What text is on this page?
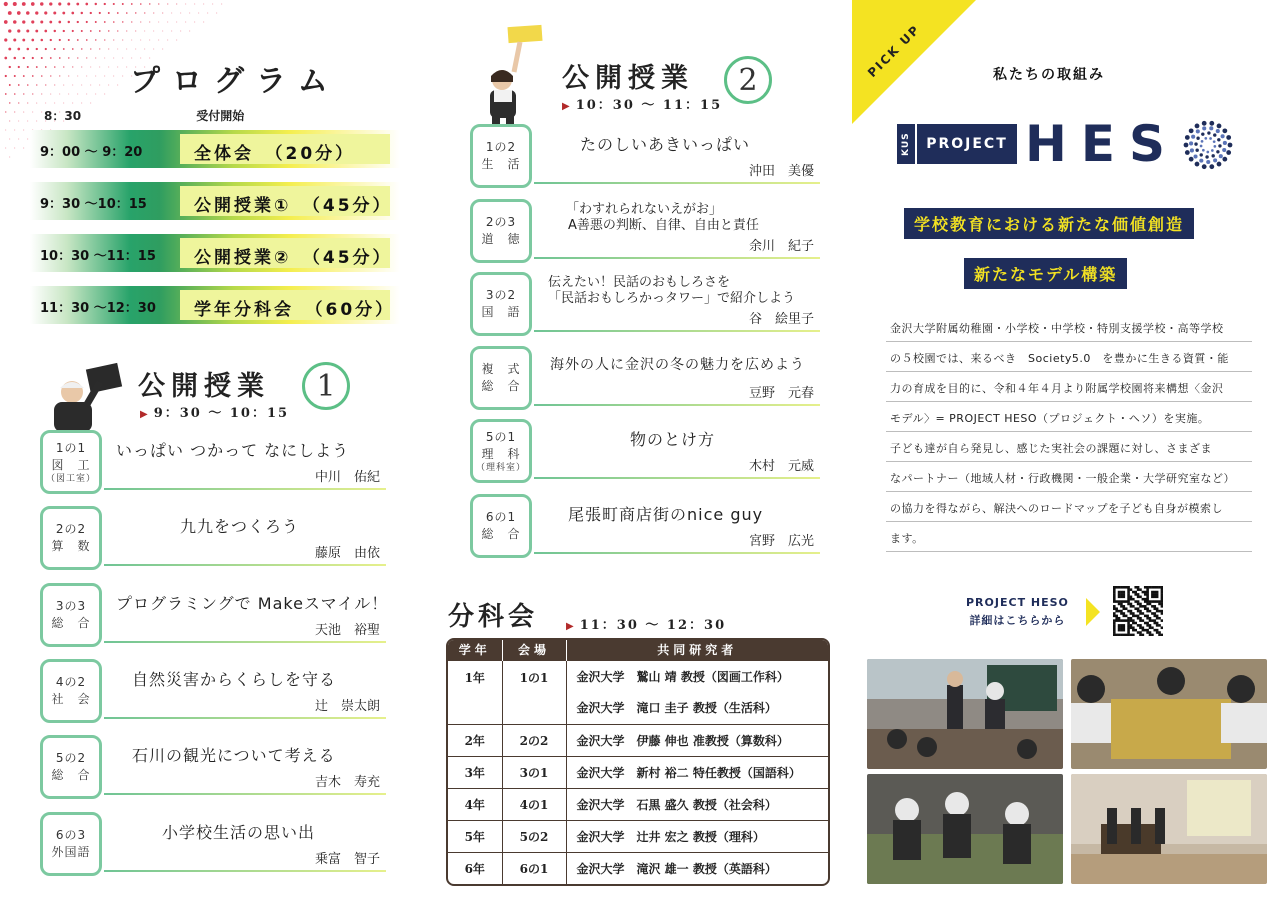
プログラム
8：30	受付開始
9：00 〜 9：20	全体会　（20分）
9：30 〜10：15	公開授業①　（45分）
10：30 〜11：15 公開授業②　（45分）
11：30 〜12：30 学年分科会　（60分）
公開授業	1
▶ 9：30 〜 10：15
1の1
図　工
（図工室）
いっぱい つかって なにしよう
中川　佑紀
2の2
算　数
九九をつくろう
藤原　由依
3の3
総　合
プログラミングで Makeスマイル！
天池　裕聖
4の2
社　会
自然災害からくらしを守る
辻　崇太朗
5の2
総　合
石川の観光について考える
吉木　寿充
6の3
外国語
小学校生活の思い出
乗富　智子
公開授業	2
▶ 10：30 〜 11：15
1の2
生　活
たのしいあきいっぱい
沖田　美優
2の3
道　徳
「わすれられないえがお」
A善悪の判断、自律、自由と責任
余川　紀子
3の2
国　語
伝えたい！民話のおもしろさを
「民話おもしろかっタワー」で紹介しよう
谷　絵里子
複　式
総　合
海外の人に金沢の冬の魅力を広めよう
豆野　元春
5の1
理　科
（理科室）
物のとけ方
木村　元威
6の1
総　合
尾張町商店街のnice guy
宮野　広光
分科会	▶ 11：30 〜 12：30
学年	会場	共同研究者
1年	1の1	金沢大学　鷲山 靖 教授（図画工作科）
		金沢大学　滝口 圭子 教授（生活科）
2年	2の2	金沢大学　伊藤 伸也 准教授（算数科）
3年	3の1	金沢大学　新村 裕二 特任教授（国語科）
4年	4の1	金沢大学　石黒 盛久 教授（社会科）
5年	5の2	金沢大学　辻井 宏之 教授（理科）
6年	6の1	金沢大学　滝沢 雄一 教授（英語科）
PICK UP	私たちの取組み
KUS	PROJECT HES
学校教育における新たな価値創造
新たなモデル構築
金沢大学附属幼稚園・小学校・中学校・特別支援学校・高等学校
の５校園では、来るべき　Society5.0　を豊かに生きる資質・能
力の育成を目的に、令和４年４月より附属学校園将来構想〈金沢
モデル〉= PROJECT HESO（プロジェクト・ヘソ）を実施。
子ども達が自ら発見し、感じた実社会の課題に対し、さまざま
なパートナー（地域人材・行政機関・一般企業・大学研究室など）
の協力を得ながら、解決へのロードマップを子ども自身が模索し
ます。
PROJECT HESO
詳細はこちらから
